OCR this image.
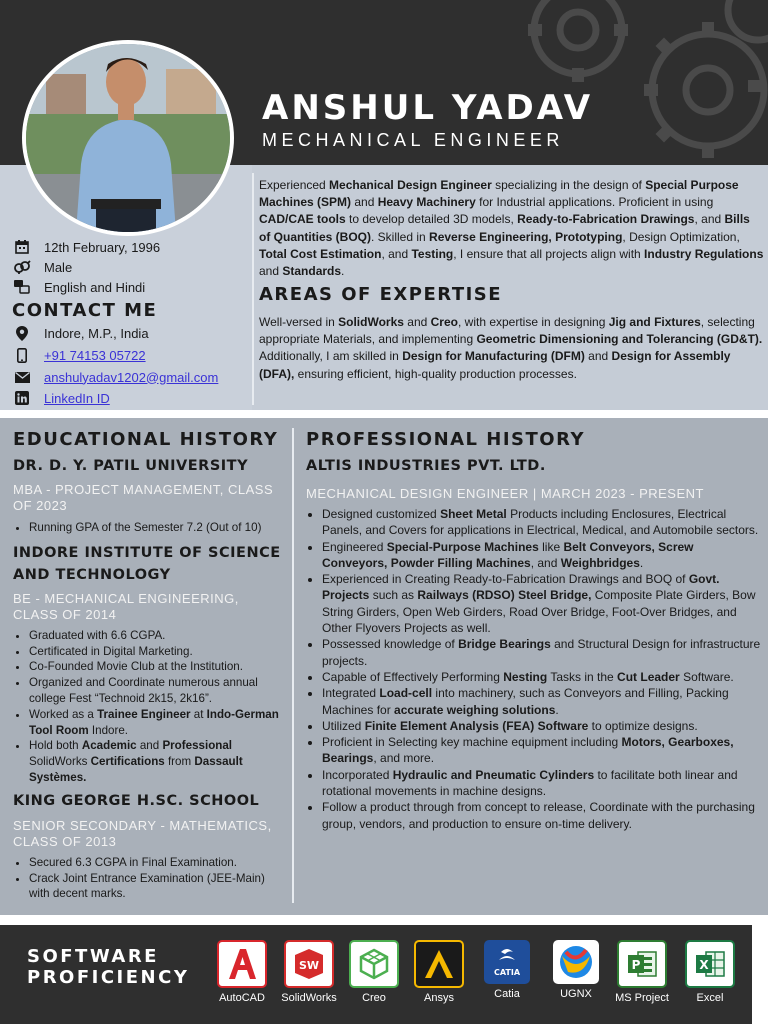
ANSHUL YADAV

MECHANICAL ENGINEER

12th February, 1996
Male
English and Hindi
CONTACT ME
Indore, M.P., India
+91 74153 05722
anshulyadav1202@gmail.com
LinkedIn ID

Experienced Mechanical Design Engineer specializing in the design of Special Purpose Machines (SPM) and Heavy Machinery for Industrial applications. Proficient in using CAD/CAE tools to develop detailed 3D models, Ready-to-Fabrication Drawings, and Bills of Quantities (BOQ). Skilled in Reverse Engineering, Prototyping, Design Optimization, Total Cost Estimation, and Testing, I ensure that all projects align with Industry Regulations and Standards.

AREAS OF EXPERTISE

Well-versed in SolidWorks and Creo, with expertise in designing Jig and Fixtures, selecting appropriate Materials, and implementing Geometric Dimensioning and Tolerancing (GD&T). Additionally, I am skilled in Design for Manufacturing (DFM) and Design for Assembly (DFA), ensuring efficient, high-quality production processes.

EDUCATIONAL HISTORY
DR. D. Y. PATIL UNIVERSITY

MBA - PROJECT MANAGEMENT, CLASS OF 2023

• Running GPA of the Semester 7.2 (Out of 10)
INDORE INSTITUTE OF SCIENCE AND TECHNOLOGY

BE - MECHANICAL ENGINEERING, CLASS OF 2014

• Graduated with 6.6 CGPA.
• Certificated in Digital Marketing.
• Co-Founded Movie Club at the Institution.
• Organized and Coordinate numerous annual college Fest “Technoid 2k15, 2k16”.
• Worked as a Trainee Engineer at Indo-German Tool Room Indore.
• Hold both Academic and Professional SolidWorks Certifications from Dassault Systèmes.
KING GEORGE H.SC. SCHOOL

SENIOR SECONDARY - MATHEMATICS, CLASS OF 2013

• Secured 6.3 CGPA in Final Examination.
• Crack Joint Entrance Examination (JEE-Main) with decent marks.
PROFESSIONAL HISTORY
ALTIS INDUSTRIES PVT. LTD.

MECHANICAL DESIGN ENGINEER | MARCH 2023 - PRESENT

• Designed customized Sheet Metal Products including Enclosures, Electrical Panels, and Covers for applications in Electrical, Medical, and Automobile sectors.
• Engineered Special-Purpose Machines like Belt Conveyors, Screw Conveyors, Powder Filling Machines, and Weighbridges.
• Experienced in Creating Ready-to-Fabrication Drawings and BOQ of Govt. Projects such as Railways (RDSO) Steel Bridge, Composite Plate Girders, Bow String Girders, Open Web Girders, Road Over Bridge, Foot-Over Bridges, and Other Flyovers Projects as well.
• Possessed knowledge of Bridge Bearings and Structural Design for infrastructure projects.
• Capable of Effectively Performing Nesting Tasks in the Cut Leader Software.
• Integrated Load-cell into machinery, such as Conveyors and Filling, Packing Machines for accurate weighing solutions.
• Utilized Finite Element Analysis (FEA) Software to optimize designs.
• Proficient in Selecting key machine equipment including Motors, Gearboxes, Bearings, and more.
• Incorporated Hydraulic and Pneumatic Cylinders to facilitate both linear and rotational movements in machine designs.
• Follow a product through from concept to release, Coordinate with the purchasing group, vendors, and production to ensure on-time delivery.

SOFTWARE
PROFICIENCY

AutoCAD
SW
SolidWorks	Creo	Ansys
CATIA
Catia	UGNX
P
MS Project
X
Excel
